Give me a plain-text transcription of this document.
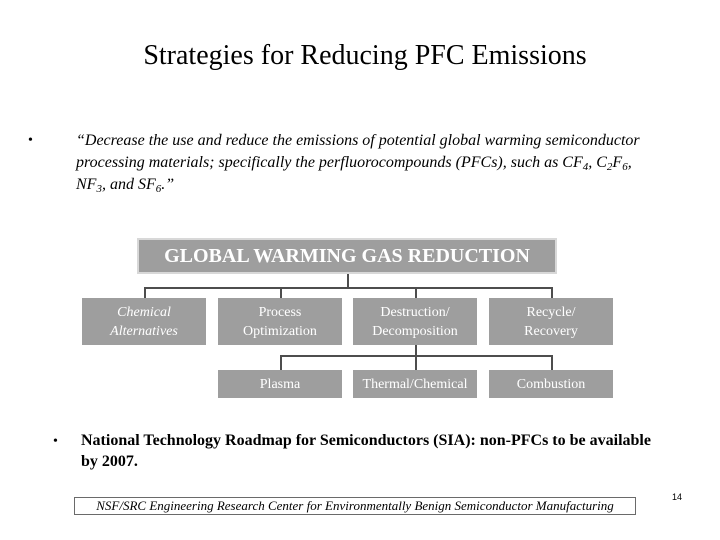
Strategies for Reducing PFC Emissions
•	“Decrease the use and reduce the emissions of potential global warming semiconductor processing materials; specifically the perfluorocompounds (PFCs), such as $CF_4$, $C_2F_6$, $NF_3$, and $SF_6$.”
GLOBAL WARMING GAS REDUCTION
Chemical
Alternatives
Process
Optimization
Destruction/
Decomposition
Recycle/
Recovery
Plasma	Thermal/Chemical	Combustion
• National Technology Roadmap for Semiconductors (SIA): non-PFCs to be available by 2007.
NSF/SRC Engineering Research Center for Environmentally Benign Semiconductor Manufacturing
14
